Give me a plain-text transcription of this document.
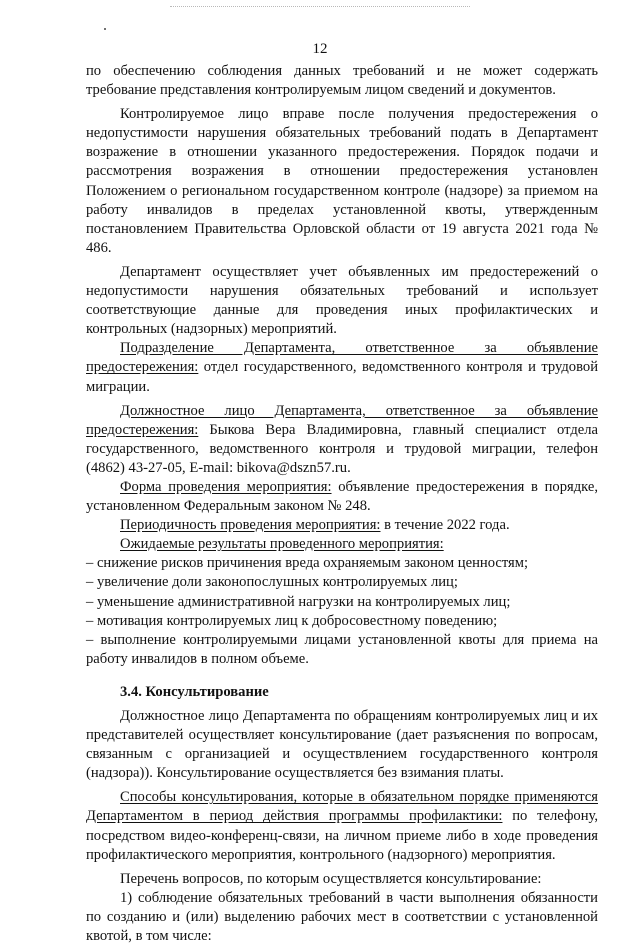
12

по обеспечению соблюдения данных требований и не может содержать требование представления контролируемым лицом сведений и документов.

Контролируемое лицо вправе после получения предостережения о недопустимости нарушения обязательных требований подать в Департамент возражение в отношении указанного предостережения. Порядок подачи и рассмотрения возражения в отношении предостережения установлен Положением о региональном государственном контроле (надзоре) за приемом на работу инвалидов в пределах установленной квоты, утвержденным постановлением Правительства Орловской области от 19 августа 2021 года № 486.

Департамент осуществляет учет объявленных им предостережений о недопустимости нарушения обязательных требований и использует соответствующие данные для проведения иных профилактических и контрольных (надзорных) мероприятий.

Подразделение Департамента, ответственное за объявление предостережения: отдел государственного, ведомственного контроля и трудовой миграции.

Должностное лицо Департамента, ответственное за объявление предостережения: Быкова Вера Владимировна, главный специалист отдела государственного, ведомственного контроля и трудовой миграции, телефон (4862) 43-27-05, E-mail: bikova@dszn57.ru.

Форма проведения мероприятия: объявление предостережения в порядке, установленном Федеральным законом № 248.

Периодичность проведения мероприятия: в течение 2022 года.

Ожидаемые результаты проведенного мероприятия:

– снижение рисков причинения вреда охраняемым законом ценностям;

– увеличение доли законопослушных контролируемых лиц;

– уменьшение административной нагрузки на контролируемых лиц;

– мотивация контролируемых лиц к добросовестному поведению;

– выполнение контролируемыми лицами установленной квоты для приема на работу инвалидов в полном объеме.

3.4. Консультирование

Должностное лицо Департамента по обращениям контролируемых лиц и их представителей осуществляет консультирование (дает разъяснения по вопросам, связанным с организацией и осуществлением государственного контроля (надзора)). Консультирование осуществляется без взимания платы.

Способы консультирования, которые в обязательном порядке применяются Департаментом в период действия программы профилактики: по телефону, посредством видео-конференц-связи, на личном приеме либо в ходе проведения профилактического мероприятия, контрольного (надзорного) мероприятия.

Перечень вопросов, по которым осуществляется консультирование:

1) соблюдение обязательных требований в части выполнения обязанности по созданию и (или) выделению рабочих мест в соответствии с установленной квотой, в том числе:
